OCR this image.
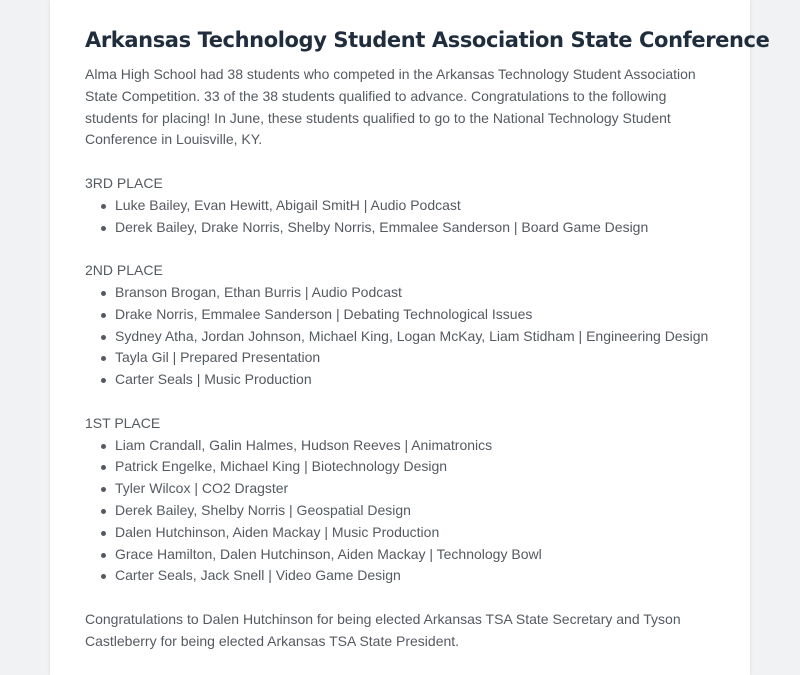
Arkansas Technology Student Association State Conference

Alma High School had 38 students who competed in the Arkansas Technology Student Association State Competition. 33 of the 38 students qualified to advance. Congratulations to the following students for placing! In June, these students qualified to go to the National Technology Student Conference in Louisville, KY.

3RD PLACE

Luke Bailey, Evan Hewitt, Abigail SmitH | Audio Podcast
Derek Bailey, Drake Norris, Shelby Norris, Emmalee Sanderson | Board Game Design

2ND PLACE

Branson Brogan, Ethan Burris | Audio Podcast
Drake Norris, Emmalee Sanderson | Debating Technological Issues
Sydney Atha, Jordan Johnson, Michael King, Logan McKay, Liam Stidham | Engineering Design
Tayla Gil | Prepared Presentation
Carter Seals | Music Production

1ST PLACE

Liam Crandall, Galin Halmes, Hudson Reeves | Animatronics
Patrick Engelke, Michael King | Biotechnology Design
Tyler Wilcox | CO2 Dragster
Derek Bailey, Shelby Norris | Geospatial Design
Dalen Hutchinson, Aiden Mackay | Music Production
Grace Hamilton, Dalen Hutchinson, Aiden Mackay | Technology Bowl
Carter Seals, Jack Snell | Video Game Design

Congratulations to Dalen Hutchinson for being elected Arkansas TSA State Secretary and Tyson Castleberry for being elected Arkansas TSA State President.
